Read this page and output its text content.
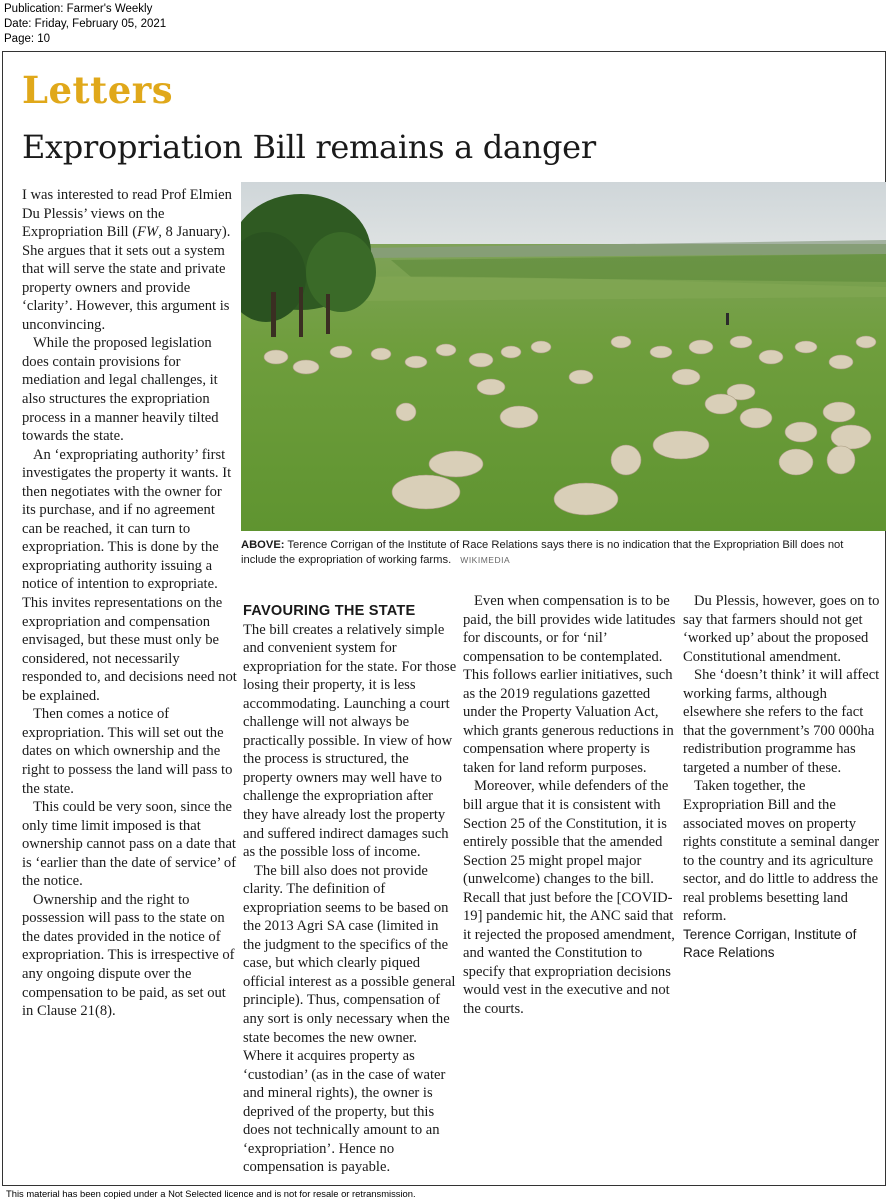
Publication: Farmer's Weekly
Date: Friday, February 05, 2021
Page: 10
Letters
Expropriation Bill remains a danger

I was interested to read Prof Elmien Du Plessis’ views on the Expropriation Bill (FW, 8 January). She argues that it sets out a system that will serve the state and private property owners and provide ‘clarity’. However, this argument is unconvincing.

While the proposed legislation does contain provisions for mediation and legal challenges, it also structures the expropriation process in a manner heavily tilted towards the state.

An ‘expropriating authority’ first investigates the property it wants. It then negotiates with the owner for its purchase, and if no agreement can be reached, it can turn to expropriation. This is done by the expropriating authority issuing a notice of intention to expropriate. This invites representations on the expropriation and compensation envisaged, but these must only be considered, not necessarily responded to, and decisions need not be explained.

Then comes a notice of expropriation. This will set out the dates on which ownership and the right to possess the land will pass to the state.

This could be very soon, since the only time limit imposed is that ownership cannot pass on a date that is ‘earlier than the date of service’ of the notice.

Ownership and the right to possession will pass to the state on the dates provided in the notice of expropriation. This is irrespective of any ongoing dispute over the compensation to be paid, as set out in Clause 21(8).

ABOVE: Terence Corrigan of the Institute of Race Relations says there is no indication that the Expropriation Bill does not include the expropriation of working farms. WIKIMEDIA
FAVOURING THE STATE

The bill creates a relatively simple and convenient system for expropriation for the state. For those losing their property, it is less accommodating. Launching a court challenge will not always be practically possible. In view of how the process is structured, the property owners may well have to challenge the expropriation after they have already lost the property and suffered indirect damages such as the possible loss of income.

The bill also does not provide clarity. The definition of expropriation seems to be based on the 2013 Agri SA case (limited in the judgment to the specifics of the case, but which clearly piqued official interest as a possible general principle). Thus, compensation of any sort is only necessary when the state becomes the new owner. Where it acquires property as ‘custodian’ (as in the case of water and mineral rights), the owner is deprived of the property, but this does not technically amount to an ‘expropriation’. Hence no compensation is payable.

Even when compensation is to be paid, the bill provides wide latitudes for discounts, or for ‘nil’ compensation to be contemplated. This follows earlier initiatives, such as the 2019 regulations gazetted under the Property Valuation Act, which grants generous reductions in compensation where property is taken for land reform purposes.

Moreover, while defenders of the bill argue that it is consistent with Section 25 of the Constitution, it is entirely possible that the amended Section 25 might propel major (unwelcome) changes to the bill. Recall that just before the [COVID-19] pandemic hit, the ANC said that it rejected the proposed amendment, and wanted the Constitution to specify that expropriation decisions would vest in the executive and not the courts.

Du Plessis, however, goes on to say that farmers should not get ‘worked up’ about the proposed Constitutional amendment.

She ‘doesn’t think’ it will affect working farms, although elsewhere she refers to the fact that the government’s 700 000ha redistribution programme has targeted a number of these.

Taken together, the Expropriation Bill and the associated moves on property rights constitute a seminal danger to the country and its agriculture sector, and do little to address the real problems besetting land reform.

Terence Corrigan, Institute of Race Relations

This material has been copied under a Not Selected licence and is not for resale or retransmission.
